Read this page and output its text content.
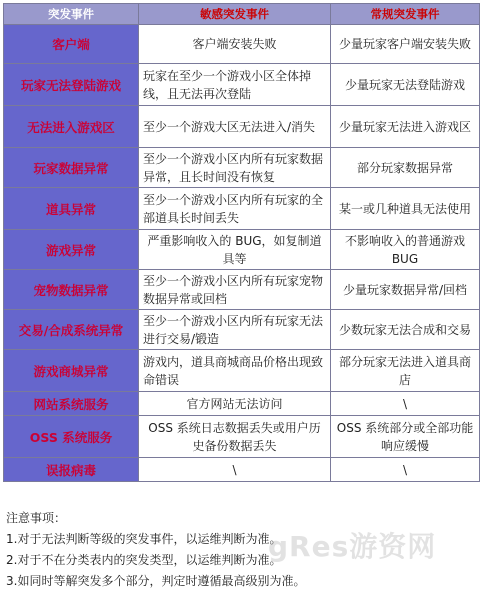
突发事件	敏感突发事件	常规突发事件
客户端	客户端安装失败	少量玩家客户端安装失败
玩家无法登陆游戏	玩家在至少一个游戏小区全体掉线，且无法再次登陆	少量玩家无法登陆游戏
无法进入游戏区	至少一个游戏大区无法进入/消失	少量玩家无法进入游戏区
玩家数据异常	至少一个游戏小区内所有玩家数据异常，且长时间没有恢复	部分玩家数据异常
道具异常	至少一个游戏小区内所有玩家的全部道具长时间丢失	某一或几种道具无法使用
游戏异常	严重影响收入的 BUG，如复制道具等	不影响收入的普通游戏 BUG
宠物数据异常	至少一个游戏小区内所有玩家宠物数据异常或回档	少量玩家数据异常/回档
交易/合成系统异常	至少一个游戏小区内所有玩家无法进行交易/锻造	少数玩家无法合成和交易
游戏商城异常	游戏内，道具商城商品价格出现致命错误	部分玩家无法进入道具商店
网站系统服务	官方网站无法访问	\
OSS 系统服务	OSS 系统日志数据丢失或用户历史备份数据丢失	OSS 系统部分或全部功能响应缓慢
误报病毒	\	\
注意事项：
1.对于无法判断等级的突发事件，以运维判断为准。
2.对于不在分类表内的突发类型，以运维判断为准。
3.如同时等解突发多个部分，判定时遵循最高级别为准。
gRes游资网
